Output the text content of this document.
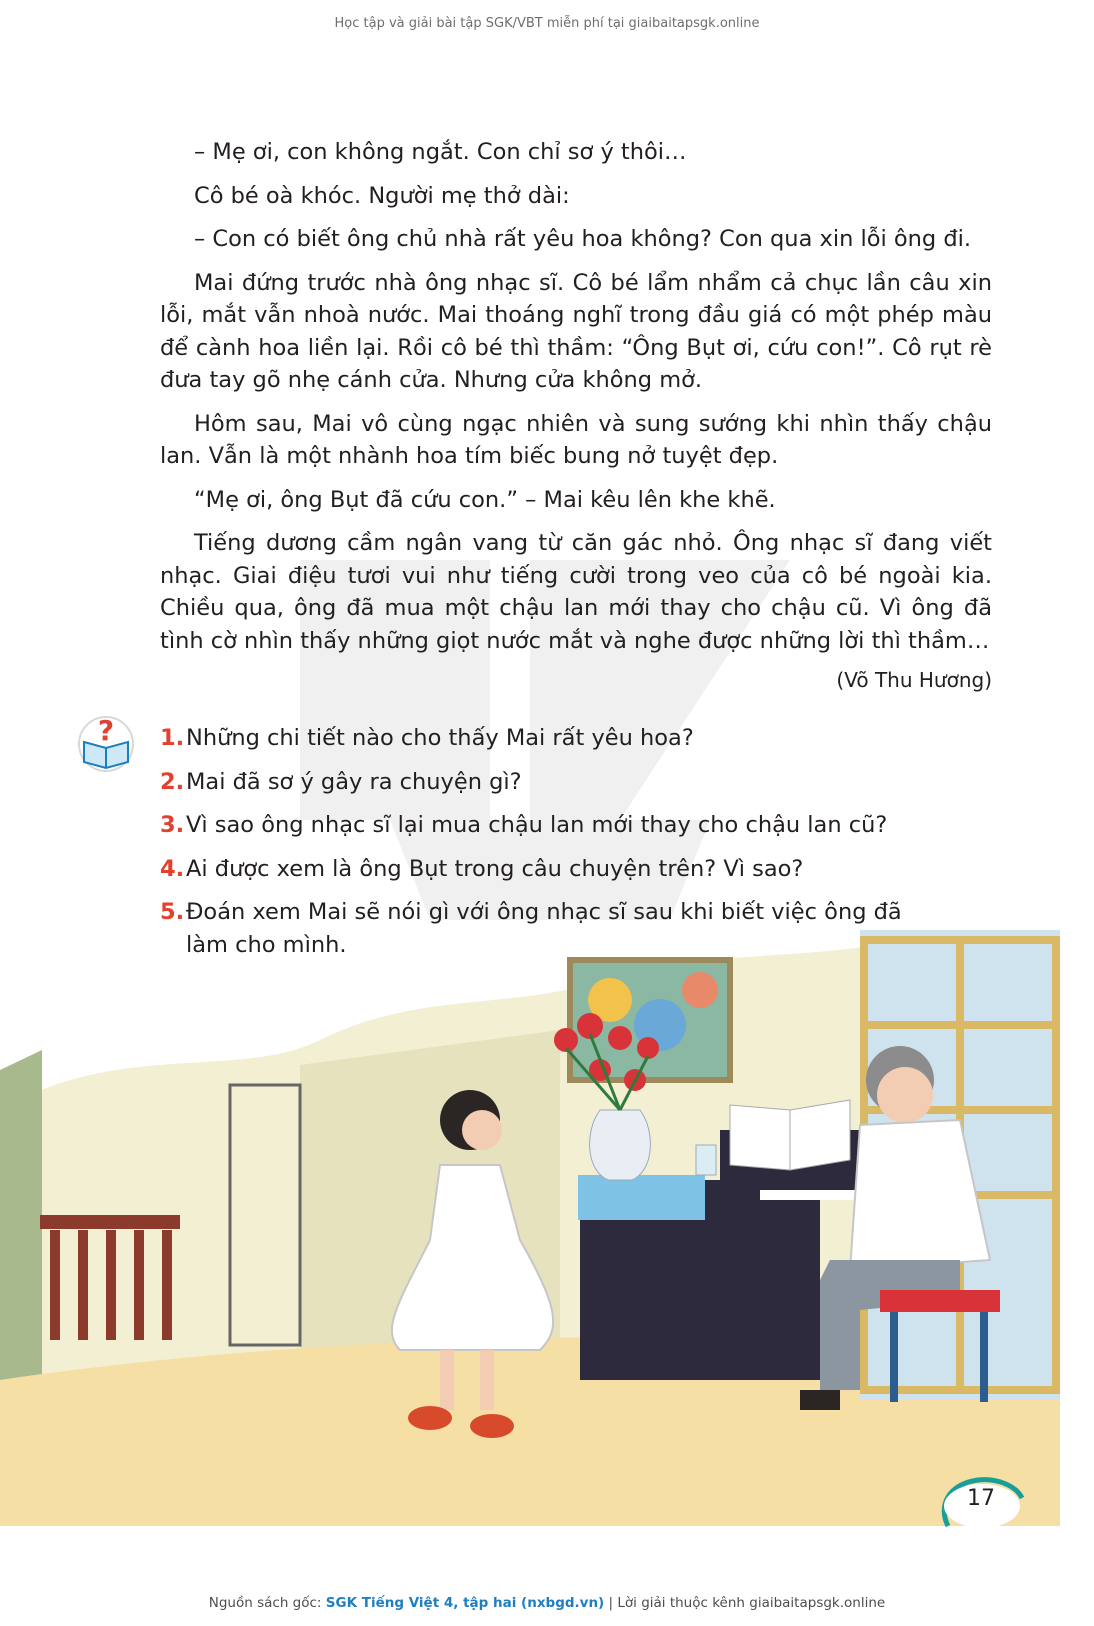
Học tập và giải bài tập SGK/VBT miễn phí tại giaibaitapsgk.online

– Mẹ ơi, con không ngắt. Con chỉ sơ ý thôi…

Cô bé oà khóc. Người mẹ thở dài:

– Con có biết ông chủ nhà rất yêu hoa không? Con qua xin lỗi ông đi.

Mai đứng trước nhà ông nhạc sĩ. Cô bé lẩm nhẩm cả chục lần câu xin lỗi, mắt vẫn nhoà nước. Mai thoáng nghĩ trong đầu giá có một phép màu để cành hoa liền lại. Rồi cô bé thì thầm: “Ông Bụt ơi, cứu con!”. Cô rụt rè đưa tay gõ nhẹ cánh cửa. Nhưng cửa không mở.

Hôm sau, Mai vô cùng ngạc nhiên và sung sướng khi nhìn thấy chậu lan. Vẫn là một nhành hoa tím biếc bung nở tuyệt đẹp.

“Mẹ ơi, ông Bụt đã cứu con.” – Mai kêu lên khe khẽ.

Tiếng dương cầm ngân vang từ căn gác nhỏ. Ông nhạc sĩ đang viết nhạc. Giai điệu tươi vui như tiếng cười trong veo của cô bé ngoài kia. Chiều qua, ông đã mua một chậu lan mới thay cho chậu cũ. Vì ông đã tình cờ nhìn thấy những giọt nước mắt và nghe được những lời thì thầm…

(Võ Thu Hương)

? 1. Những chi tiết nào cho thấy Mai rất yêu hoa?
2. Mai đã sơ ý gây ra chuyện gì?
3. Vì sao ông nhạc sĩ lại mua chậu lan mới thay cho chậu lan cũ?
4. Ai được xem là ông Bụt trong câu chuyện trên? Vì sao?
5. Đoán xem Mai sẽ nói gì với ông nhạc sĩ sau khi biết việc ông đã làm cho mình.
17
Nguồn sách gốc: SGK Tiếng Việt 4, tập hai (nxbgd.vn) | Lời giải thuộc kênh giaibaitapsgk.online
